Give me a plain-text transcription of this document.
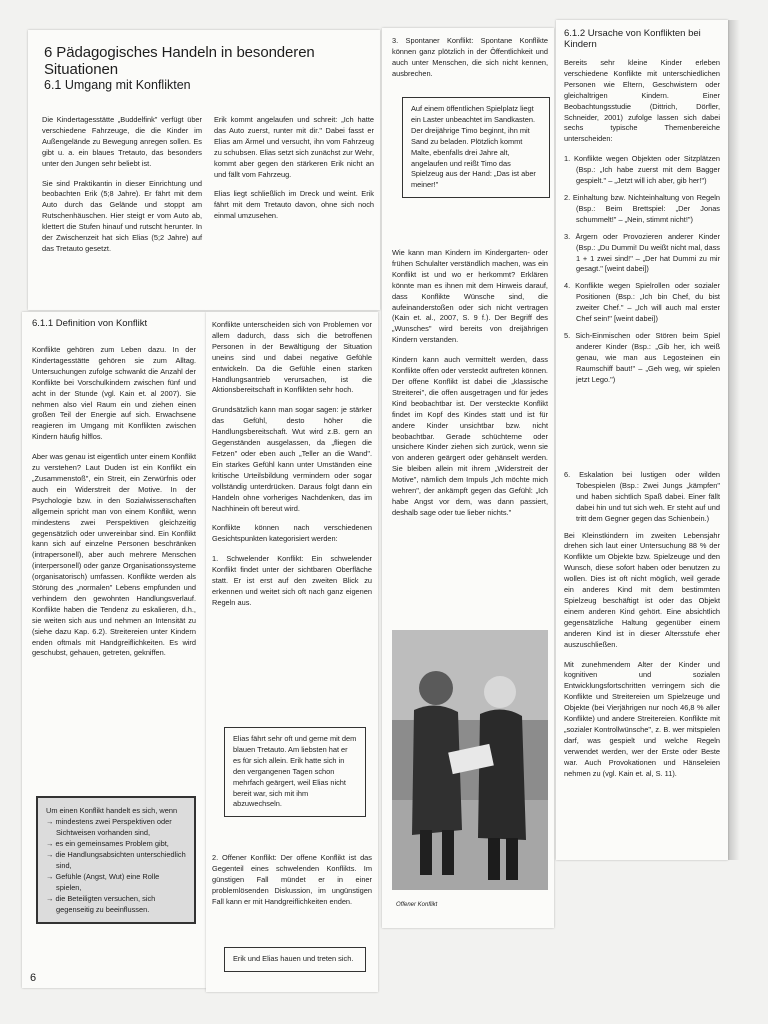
6 Pädagogisches Handeln in besonderen Situationen
6.1 Umgang mit Konflikten

Die Kindertagesstätte „Buddelfink" verfügt über verschiedene Fahrzeuge, die die Kinder im Außengelände zu Bewegung anregen sollen. Es gibt u. a. ein blaues Tretauto, das besonders unter den Jungen sehr beliebt ist.

Sie sind Praktikantin in dieser Einrichtung und beobachten Erik (5;8 Jahre). Er fährt mit dem Auto durch das Gelände und stoppt am Rutschenhäuschen. Hier steigt er vom Auto ab, klettert die Stufen hinauf und rutscht herunter. In der Zwischenzeit hat sich Elias (5;2 Jahre) auf das Tretauto gesetzt.

Erik kommt angelaufen und schreit: „Ich hatte das Auto zuerst, runter mit dir." Dabei fasst er Elias am Ärmel und versucht, ihn vom Fahrzeug zu schubsen. Elias setzt sich zunächst zur Wehr, kommt aber gegen den stärkeren Erik nicht an und fällt vom Fahrzeug.

Elias liegt schließlich im Dreck und weint. Erik fährt mit dem Tretauto davon, ohne sich noch einmal umzusehen.

6.1.1 Definition von Konflikt

Konflikte gehören zum Leben dazu. In der Kindertagesstätte gehören sie zum Alltag. Untersuchungen zufolge schwankt die Anzahl der Konflikte bei Vorschulkindern zwischen fünf und acht in der Stunde (vgl. Kain et. al 2007). Sie nehmen also viel Raum ein und ziehen einen großen Teil der Energie auf sich. Erwachsene reagieren im Umgang mit Konflikten zwischen Kindern häufig hilflos.

Aber was genau ist eigentlich unter einem Konflikt zu verstehen? Laut Duden ist ein Konflikt ein „Zusammenstoß", ein Streit, ein Zerwürfnis oder auch ein Widerstreit der Motive. In der Psychologie bzw. in den Sozialwissenschaften allgemein spricht man von einem Konflikt, wenn mindestens zwei Perspektiven gleichzeitig gegensätzlich oder unvereinbar sind. Ein Konflikt kann sich auf einzelne Personen beschränken (intrapersonell), aber auch mehrere Menschen (interpersonell) oder ganze Organisationssysteme (organisatorisch) umfassen. Konflikte werden als Störung des „normalen" Lebens empfunden und verhindern den gewohnten Handlungsverlauf. Konflikte haben die Tendenz zu eskalieren, d.h., sie weiten sich aus und nehmen an Intensität zu (siehe dazu Kap. 6.2). Streitereien unter Kindern enden oftmals mit Handgreiflichkeiten. Es wird geschubst, gehauen, getreten, gekniffen.

Um einen Konflikt handelt es sich, wenn
→ mindestens zwei Perspektiven oder Sichtweisen vorhanden sind,
→ es ein gemeinsames Problem gibt,
→ die Handlungsabsichten unterschiedlich sind,
→ Gefühle (Angst, Wut) eine Rolle spielen,
→ die Beteiligten versuchen, sich gegenseitig zu beeinflussen.
6

Konflikte unterscheiden sich von Problemen vor allem dadurch, dass sich die betroffenen Personen in der Bewältigung der Situation uneins sind und dabei negative Gefühle entwickeln. Da die Gefühle einen starken Handlungsantrieb verursachen, ist die Aktionsbereitschaft in Konflikten sehr hoch.

Grundsätzlich kann man sogar sagen: je stärker das Gefühl, desto höher die Handlungsbereitschaft. Wut wird z.B. gern an Gegenständen ausgelassen, da „fliegen die Fetzen" oder eben auch „Teller an die Wand". Ein starkes Gefühl kann unter Umständen eine kritische Urteilsbildung vermindern oder sogar vollständig unterdrücken. Daraus folgt dann ein Handeln ohne vorheriges Nachdenken, das im Nachhinein oft bereut wird.

Konflikte können nach verschiedenen Gesichtspunkten kategorisiert werden:

1. Schwelender Konflikt: Ein schwelender Konflikt findet unter der sichtbaren Oberfläche statt. Er ist erst auf den zweiten Blick zu erkennen und weitet sich oft nach ganz eigenen Regeln aus.

Elias fährt sehr oft und gerne mit dem blauen Tretauto. Am liebsten hat er es für sich allein. Erik hatte sich in den vergangenen Tagen schon mehrfach geärgert, weil Elias nicht bereit war, sich mit ihm abzuwechseln.

2. Offener Konflikt: Der offene Konflikt ist das Gegenteil eines schwelenden Konflikts. Im günstigen Fall mündet er in einer problemlösenden Diskussion, im ungünstigen Fall kann er mit Handgreiflichkeiten enden.

Erik und Elias hauen und treten sich.

3. Spontaner Konflikt: Spontane Konflikte können ganz plötzlich in der Öffentlichkeit und auch unter Menschen, die sich nicht kennen, ausbrechen.

Auf einem öffentlichen Spielplatz liegt ein Laster unbeachtet im Sandkasten. Der dreijährige Timo beginnt, ihn mit Sand zu beladen. Plötzlich kommt Malte, ebenfalls drei Jahre alt, angelaufen und reißt Timo das Spielzeug aus der Hand: „Das ist aber meiner!"

Wie kann man Kindern im Kindergarten- oder frühen Schulalter verständlich machen, was ein Konflikt ist und wo er herkommt? Erklären könnte man es ihnen mit dem Hinweis darauf, dass Konflikte Wünsche sind, die aufeinanderstoßen oder sich nicht vertragen (Kain et. al., 2007, S. 9 f.). Der Begriff des „Wunsches" wird bereits von dreijährigen Kindern verstanden.

Kindern kann auch vermittelt werden, dass Konflikte offen oder versteckt auftreten können. Der offene Konflikt ist dabei die „klassische Streiterei", die offen ausgetragen und für jedes Kind beobachtbar ist. Der versteckte Konflikt findet im Kopf des Kindes statt und ist für andere Kinder unsichtbar bzw. nicht beobachtbar. Gerade schüchterne oder unsichere Kinder ziehen sich zurück, wenn sie von anderen geärgert oder gehänselt werden. Sie bleiben allein mit ihrem „Widerstreit der Motive", nämlich dem Impuls „Ich möchte mich wehren", der ankämpft gegen das Gefühl: „Ich habe Angst vor dem, was dann passiert, deshalb sage oder tue lieber nichts."

Offener Konflikt
6.1.2 Ursache von Konflikten bei Kindern

Bereits sehr kleine Kinder erleben verschiedene Konflikte mit unterschiedlichen Personen wie Eltern, Geschwistern oder gleichaltrigen Kindern. Einer Beobachtungsstudie (Dittrich, Dörfler, Schneider, 2001) zufolge lassen sich dabei sechs typische Themenbereiche unterscheiden:

1. Konflikte wegen Objekten oder Sitzplätzen (Bsp.: „Ich habe zuerst mit dem Bagger gespielt." – „Jetzt will ich aber, gib her!")
2. Einhaltung bzw. Nichteinhaltung von Regeln (Bsp.: Beim Brettspiel: „Der Jonas schummelt!" – „Nein, stimmt nicht!")
3. Ärgern oder Provozieren anderer Kinder (Bsp.: „Du Dummi! Du weißt nicht mal, dass 1 + 1 zwei sind!" – „Der hat Dummi zu mir gesagt." [weint dabei])
4. Konflikte wegen Spielrollen oder sozialer Positionen (Bsp.: „Ich bin Chef, du bist zweiter Chef." – „Ich will auch mal erster Chef sein!" [weint dabei])
5. Sich-Einmischen oder Stören beim Spiel anderer Kinder (Bsp.: „Gib her, ich weiß genau, wie man aus Legosteinen ein Raumschiff baut!" – „Geh weg, wir spielen jetzt Lego.")
6. Eskalation bei lustigen oder wilden Tobespielen (Bsp.: Zwei Jungs „kämpfen" und haben sichtlich Spaß dabei. Einer fällt dabei hin und tut sich weh. Er steht auf und tritt dem Gegner gegen das Schienbein.)

Bei Kleinstkindern im zweiten Lebensjahr drehen sich laut einer Untersuchung 88 % der Konflikte um Objekte bzw. Spielzeuge und den Wunsch, diese sofort haben oder benutzen zu wollen. Dies ist oft nicht möglich, weil gerade ein anderes Kind mit dem bestimmten Spielzeug beschäftigt ist oder das Objekt einem anderen Kind gehört. Eine absichtlich gegensätzliche Haltung gegenüber einem anderen Kind ist in dieser Altersstufe eher auszuschließen.

Mit zunehmendem Alter der Kinder und kognitiven und sozialen Entwicklungsfortschritten verringern sich die Konflikte und Streitereien um Spielzeuge und Objekte (bei Vierjährigen nur noch 46,8 % aller Konflikte) und andere Streitereien. Konflikte mit „sozialer Kontrollwünsche", z. B. wer mitspielen darf, was gespielt und welche Regeln verwendet werden, wer der Erste oder Beste war. Auch Provokationen und Hänseleien nehmen zu (vgl. Kain et. al, S. 11).
